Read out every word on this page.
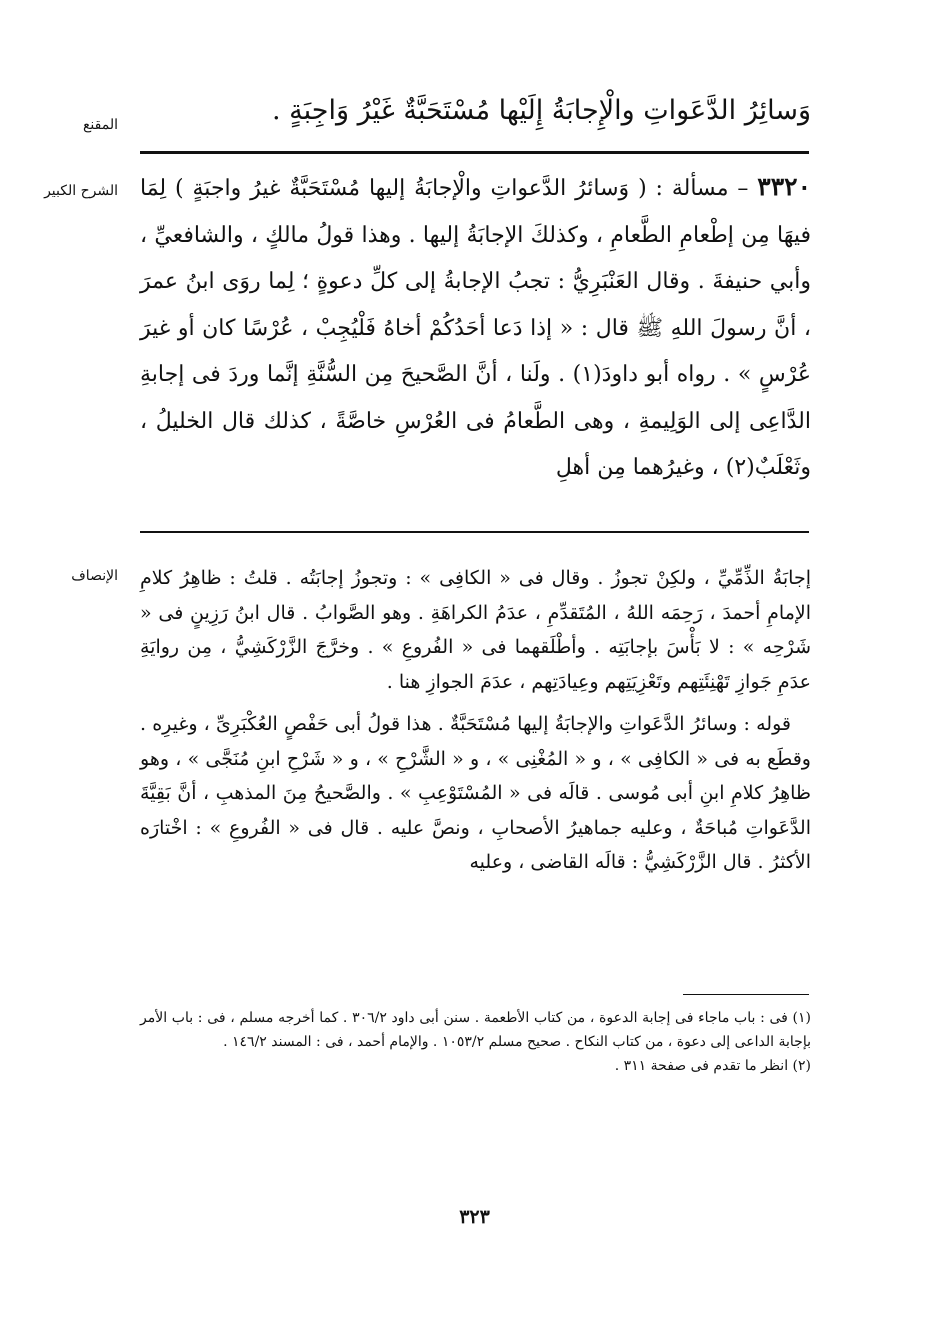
المقنع
الشرح الكبير
الإنصاف
وَسائِرُ الدَّعَواتِ والْإِجابَةُ إِلَيْها مُسْتَحَبَّةٌ غَيْرُ وَاجِبَةٍ .
٣٣٢٠ – مسألة : ( وَسائرُ الدَّعواتِ والْإجابَةُ إليها مُسْتَحَبَّةٌ غيرُ واجبَةٍ ) لِمَا فيهَا مِن إطْعامِ الطَّعامِ ، وكذلكَ الإجابَةُ إليها . وهذا قولُ مالكٍ ، والشافعيِّ ، وأبي حنيفةَ . وقال العَنْبَرِيُّ : تجبُ الإجابةُ إلى كلِّ دعوةٍ ؛ لِما روَى ابنُ عمرَ ، أنَّ رسولَ اللهِ ﷺ قال : « إذا دَعا أحَدُكُمْ أخاهُ فَلْيُجِبْ ، عُرْسًا كان أو غيرَ عُرْسٍ » . رواه أبو داودَ(١) . ولَنا ، أنَّ الصَّحيحَ مِن السُّنَّةِ إنَّما وردَ فى إجابةِ الدَّاعِى إلى الوَلِيمةِ ، وهى الطَّعامُ فى العُرْسِ خاصَّةً ، كذلك قال الخليلُ ، وثَعْلَبٌ(٢) ، وغيرُهما مِن أهلِ

إجابَةُ الذِّمِّيِّ ، ولكِنْ تجوزُ . وقال فى « الكافِى » : وتجوزُ إجابَتُه . قلتُ : ظاهِرُ كلامِ الإمامِ أحمدَ ، رَحِمَه اللهُ ، المُتَقدِّمِ ، عدَمُ الكراهَةِ . وهو الصَّوابُ . قال ابنُ رَزِينٍ فى « شَرْحِه » : لا بَأْسَ بإجابَتِه . وأطْلَقهما فى « الفُروعِ » . وخرَّجَ الزَّرْكَشِيُّ ، مِن روايَةِ عدَمِ جَوازِ تَهْنِئَتِهم وتَعْزِيَتِهم وعِيادَتِهم ، عدَمَ الجوازِ هنا .

قوله : وسائرُ الدَّعَواتِ والإجابَةُ إليها مُسْتَحَبَّةٌ . هذا قولُ أبى حَفْصٍ العُكْبَرِىِّ ، وغيرِه . وقطَع به فى « الكافِى » ، و « المُغْنِى » ، و « الشَّرْحِ » ، و « شَرْحِ ابنِ مُنَجَّى » ، وهو ظاهِرُ كلامِ ابنِ أبى مُوسى . قالَه فى « المُسْتَوْعِبِ » . والصَّحيحُ مِنَ المذهبِ ، أنَّ بَقِيَّةَ الدَّعَواتِ مُباحَةٌ ، وعليه جماهيرُ الأصحابِ ، ونصَّ عليه . قال فى « الفُروعِ » : اخْتارَه الأكثرُ . قال الزَّرْكَشِيُّ : قالَه القاضى ، وعليه

(١) فى : باب ماجاء فى إجابة الدعوة ، من كتاب الأطعمة . سنن أبى داود ٣٠٦/٢ . كما أخرجه مسلم ، فى : باب الأمر بإجابة الداعى إلى دعوة ، من كتاب النكاح . صحيح مسلم ١٠٥٣/٢ . والإمام أحمد ، فى : المسند ١٤٦/٢ .

(٢) انظر ما تقدم فى صفحة ٣١١ .

٣٢٣
